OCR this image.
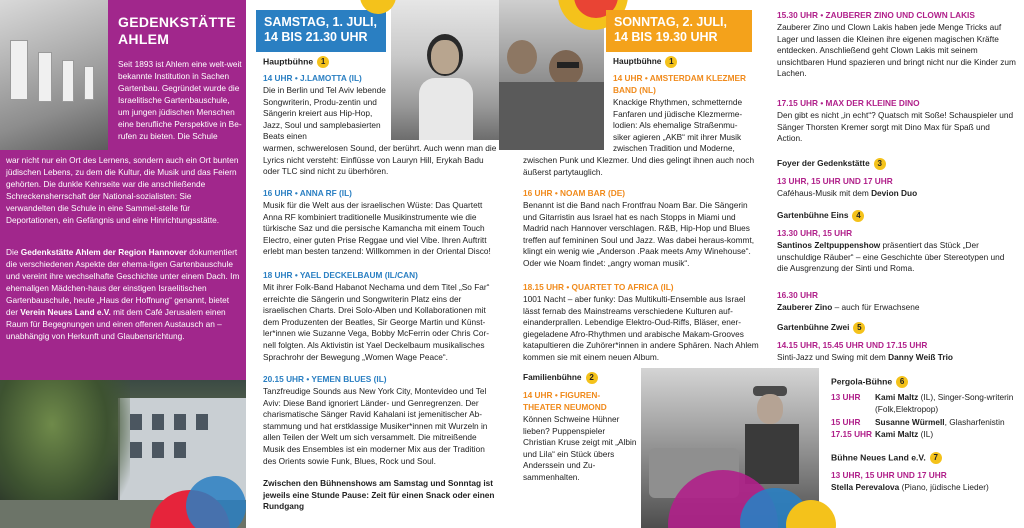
GEDENKSTÄTTE
AHLEM
Seit 1893 ist Ahlem eine welt-weit bekannte Institution in Sachen Gartenbau. Gegründet wurde die Israelitische Gartenbauschule, um jungen jüdischen Menschen eine berufliche Perspektive in Be-rufen zu bieten. Die Schule
war nicht nur ein Ort des Lernens, sondern auch ein Ort bunten jüdischen Lebens, zu dem die Kultur, die Musik und das Feiern gehörten. Die dunkle Kehrseite war die anschließende Schreckensherrschaft der National-sozialisten: Sie verwandelten die Schule in eine Sammel-stelle für Deportationen, ein Gefängnis und eine Hinrichtungsstätte.
Die Gedenkstätte Ahlem der Region Hannover dokumentiert die verschiedenen Aspekte der ehema-ligen Gartenbauschule und vereint ihre wechselhafte Geschichte unter einem Dach. Im ehemaligen Mädchen-haus der einstigen Israelitischen Gartenbauschule, heute „Haus der Hoffnung“ genannt, bietet der Verein Neues Land e.V. mit dem Café Jerusalem einen Raum für Begegnungen und einen offenen Austausch an – unabhängig von Herkunft und Glaubensrichtung.
SAMSTAG, 1. JULI,
14 BIS 21.30 UHR
Hauptbühne 1
14 UHR • J.LAMOTTA (IL)
Die in Berlin und Tel Aviv lebende Songwriterin, Produ-zentin und Sängerin kreiert aus Hip-Hop, Jazz, Soul und samplebasierten Beats einen
warmen, schwerelosen Sound, der berührt. Auch wenn man die Lyrics nicht versteht: Einflüsse von Lauryn Hill, Erykah Badu oder TLC sind nicht zu überhören.
16 UHR • ANNA RF (IL)
Musik für die Welt aus der israelischen Wüste: Das Quartett Anna RF kombiniert traditionelle Musikinstrumente wie die türkische Saz und die persische Kamancha mit einem Touch Electro, einer guten Prise Reggae und viel Vibe. Ihren Auftritt erlebt man besten tanzend: Willkommen in der Oriental Disco!
18 UHR • YAEL DECKELBAUM (IL/CAN)
Mit ihrer Folk-Band Habanot Nechama und dem Titel „So Far“ erreichte die Sängerin und Songwriterin Platz eins der israelischen Charts. Drei Solo-Alben und Kollaborationen mit dem Produzenten der Beatles, Sir George Martin und Künst-ler*innen wie Suzanne Vega, Bobby McFerrin oder Chris Cor-nell folgten. Als Aktivistin ist Yael Deckelbaum musikalisches Sprachrohr der Bewegung „Women Wage Peace“.
20.15 UHR • YEMEN BLUES (IL)
Tanzfreudige Sounds aus New York City, Montevideo und Tel Aviv: Diese Band ignoriert Länder- und Genregrenzen. Der charismatische Sänger Ravid Kahalani ist jemenitischer Ab-stammung und hat erstklassige Musiker*innen mit Wurzeln in allen Teilen der Welt um sich versammelt. Die mitreißende Musik des Ensembles ist ein moderner Mix aus der Tradition des Orients sowie Funk, Blues, Rock und Soul.
Zwischen den Bühnenshows am Samstag und Sonntag ist jeweils eine Stunde Pause: Zeit für einen Snack oder einen Rundgang
SONNTAG, 2. JULI,
14 BIS 19.30 UHR
Hauptbühne 1
14 UHR • AMSTERDAM KLEZMER BAND (NL)
Knackige Rhythmen, schmetternde Fanfaren und jüdische Klezmerme-lodien: Als ehemalige Straßenmu-siker agieren „AKB“ mit ihrer Musik zwischen Tradition und Moderne,
zwischen Punk und Klezmer. Und dies gelingt ihnen auch noch äußerst partytauglich.
16 UHR • NOAM BAR (DE)
Benannt ist die Band nach Frontfrau Noam Bar. Die Sängerin und Gitarristin aus Israel hat es nach Stopps in Miami und Madrid nach Hannover verschlagen. R&B, Hip-Hop und Blues treffen auf femininen Soul und Jazz. Was dabei heraus-kommt, klingt ein wenig wie „Anderson .Paak meets Amy Winehouse“. Oder wie Noam findet: „angry woman musik“.
18.15 UHR • QUARTET TO AFRICA (IL)
1001 Nacht – aber funky: Das Multikulti-Ensemble aus Israel lässt fernab des Mainstreams verschiedene Kulturen auf-einanderprallen. Lebendige Elektro-Oud-Riffs, Bläser, ener-giegeladene Afro-Rhythmen und arabische Makam-Grooves katapultieren die Zuhörer*innen in andere Sphären. Nach Ahlem kommen sie mit einem neuen Album.
Familienbühne 2
14 UHR • FIGUREN-THEATER NEUMOND
Können Schweine Hühner lieben? Puppenspieler Christian Kruse zeigt mit „Albin und Lila“ ein Stück übers Anderssein und Zu-sammenhalten.
15.30 UHR • ZAUBERER ZINO UND CLOWN LAKIS
Zauberer Zino und Clown Lakis haben jede Menge Tricks auf Lager und lassen die Kleinen ihre eigenen magischen Kräfte entdecken. Anschließend geht Clown Lakis mit seinem unsichtbaren Hund spazieren und bringt nicht nur die Kinder zum Lachen.
17.15 UHR • MAX DER KLEINE DINO
Den gibt es nicht „in echt“? Quatsch mit Soße! Schauspieler und Sänger Thorsten Kremer sorgt mit Dino Max für Spaß und Action.
Foyer der Gedenkstätte 3
13 UHR, 15 UHR UND 17 UHR
Caféhaus-Musik mit dem Devion Duo
Gartenbühne Eins 4
13.30 UHR, 15 UHR
Santinos Zeltpuppenshow präsentiert das Stück „Der unschuldige Räuber“ – eine Geschichte über Stereotypen und die Ausgrenzung der Sinti und Roma.
16.30 UHR
Zauberer Zino – auch für Erwachsene
Gartenbühne Zwei 5
14.15 UHR, 15.45 UHR UND 17.15 UHR
Sinti-Jazz und Swing mit dem Danny Weiß Trio
Pergola-Bühne 6
13 UHR	Kami Maltz (IL), Singer-Song-writerin (Folk,Elektropop)
15 UHR	Susanne Würmell, Glasharfenistin
17.15 UHR Kami Maltz (IL)
Bühne Neues Land e.V. 7
13 UHR, 15 UHR UND 17 UHR
Stella Perevalova (Piano, jüdische Lieder)
